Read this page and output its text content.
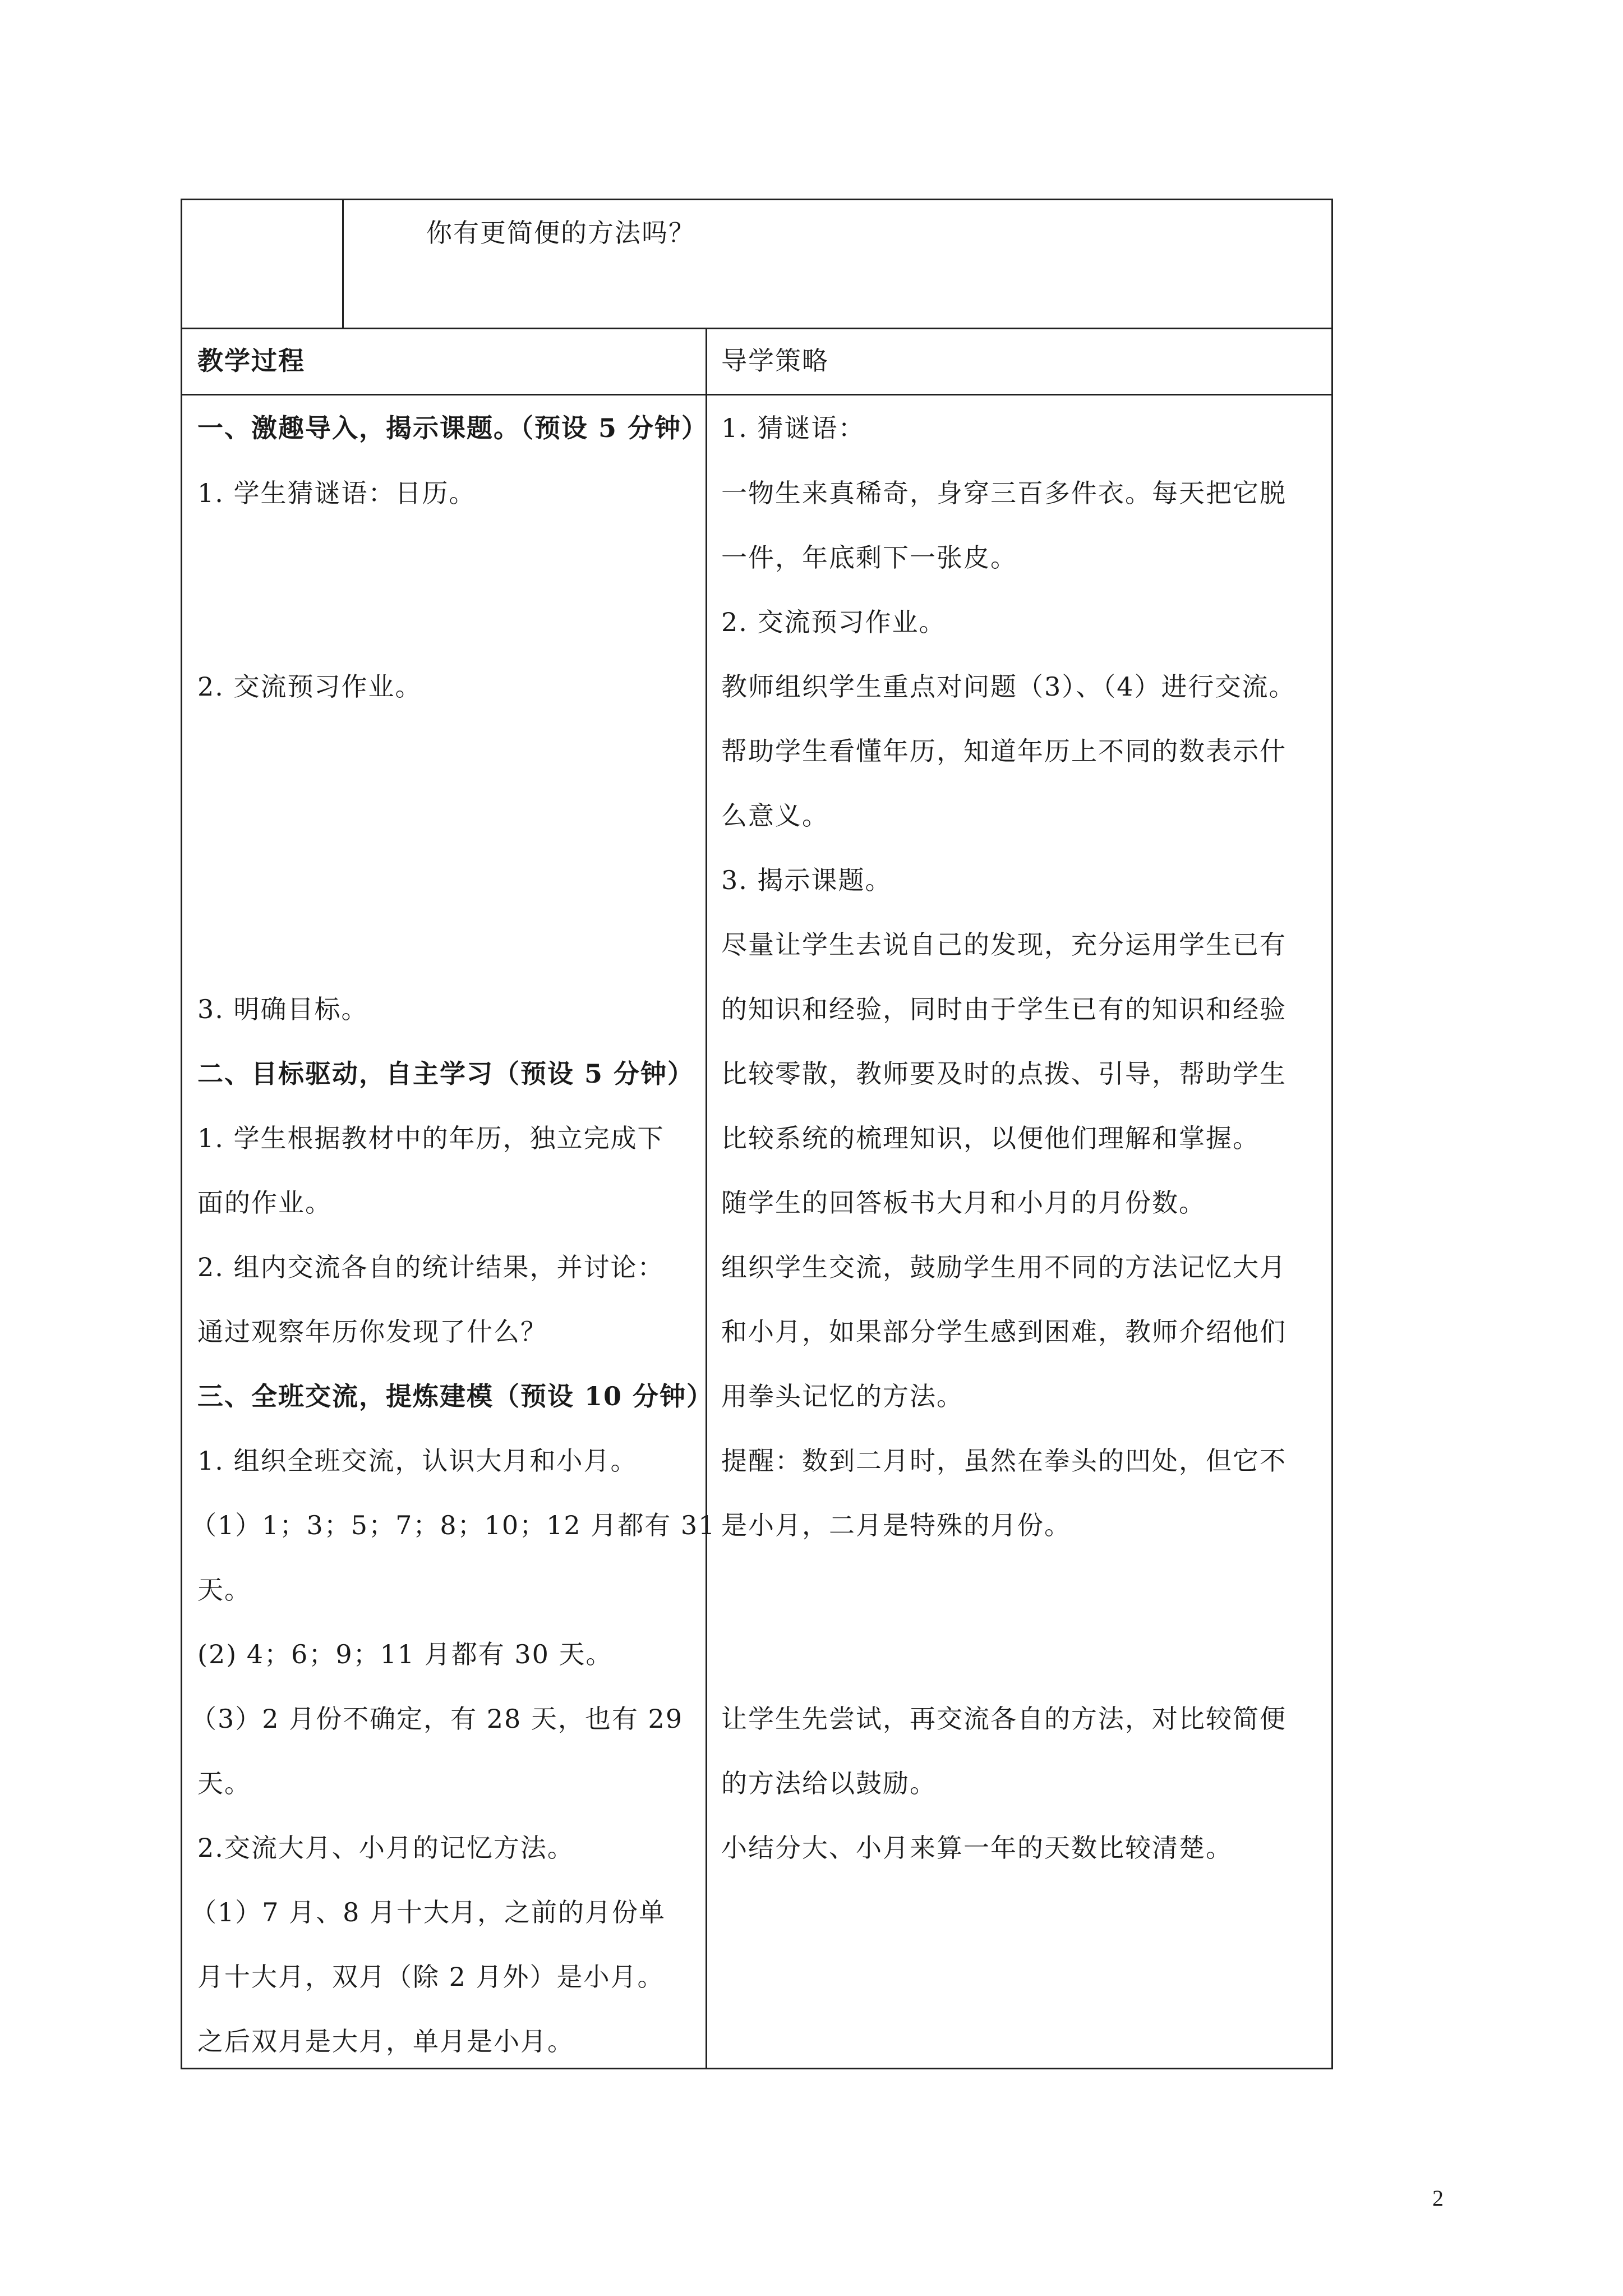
你有更简便的方法吗？
教学过程	导学策略
一、激趣导入，揭示课题。（预设 5 分钟）
1. 学生猜谜语：日历。
2. 交流预习作业。
3. 明确目标。
二、目标驱动，自主学习（预设 5 分钟）
1. 学生根据教材中的年历，独立完成下
面的作业。
2. 组内交流各自的统计结果，并讨论：
通过观察年历你发现了什么？
三、全班交流，提炼建模（预设 10 分钟）
1. 组织全班交流，认识大月和小月。
（1）1；3；5；7；8；10；12 月都有 31
天。
(2) 4；6；9；11 月都有 30 天。
（3）2 月份不确定，有 28 天，也有 29
天。
2.交流大月、小月的记忆方法。
（1）7 月、8 月十大月，之前的月份单
月十大月，双月（除 2 月外）是小月。
之后双月是大月，单月是小月。
1. 猜谜语：
一物生来真稀奇，身穿三百多件衣。每天把它脱
一件，年底剩下一张皮。
2. 交流预习作业。
教师组织学生重点对问题（3）、（4）进行交流。
帮助学生看懂年历，知道年历上不同的数表示什
么意义。
3. 揭示课题。
尽量让学生去说自己的发现，充分运用学生已有
的知识和经验，同时由于学生已有的知识和经验
比较零散，教师要及时的点拨、引导，帮助学生
比较系统的梳理知识，以便他们理解和掌握。
随学生的回答板书大月和小月的月份数。
组织学生交流，鼓励学生用不同的方法记忆大月
和小月，如果部分学生感到困难，教师介绍他们
用拳头记忆的方法。
提醒：数到二月时，虽然在拳头的凹处，但它不
是小月，二月是特殊的月份。
让学生先尝试，再交流各自的方法，对比较简便
的方法给以鼓励。
小结分大、小月来算一年的天数比较清楚。
2
